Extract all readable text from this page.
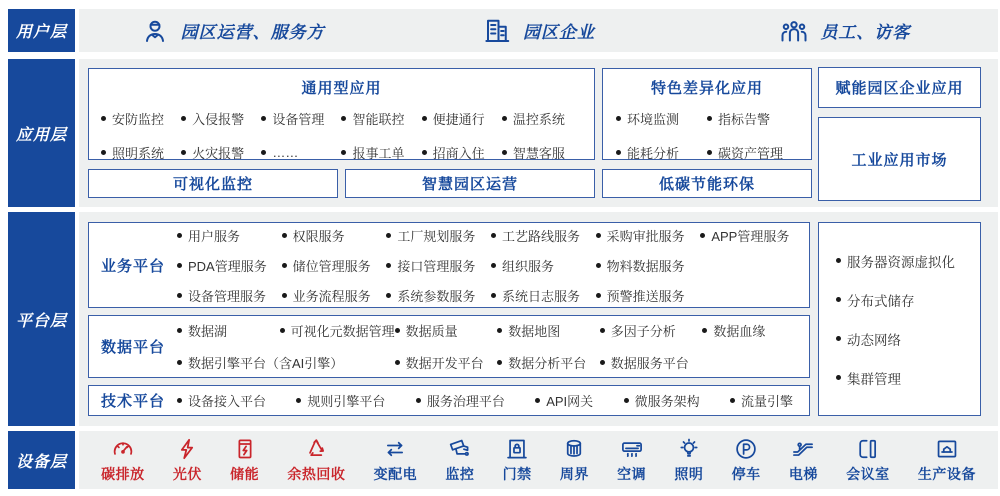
用户层	园区运营、服务方	园区企业	员工、访客
应用层
通用型应用
安防监控 入侵报警 设备管理 智能联控 便捷通行 温控系统
照明系统 火灾报警 ……	报事工单 招商入住 智慧客服
特色差异化应用
环境监测	指标告警
能耗分析	碳资产管理
可视化监控	智慧园区运营	低碳节能环保
赋能园区企业应用
工业应用市场
平台层
业务平台
用户服务	权限服务	工厂规划服务 工艺路线服务 采购审批服务 APP管理服务
PDA管理服务 储位管理服务 接口管理服务 组织服务	物料数据服务
设备管理服务 业务流程服务 系统参数服务 系统日志服务 预警推送服务
数据平台
数据湖	可视化元数据管理 数据质量	数据地图	多因子分析	数据血缘
数据引擎平台（含AI引擎）	数据开发平台 数据分析平台 数据服务平台
技术平台	设备接入平台	规则引擎平台	服务治理平台	API网关	微服务架构	流量引擎
服务器资源虚拟化
分布式储存
动态网络
集群管理
设备层
碳排放 光伏 储能 余热回收 变配电 监控 门禁 周界 空调 照明 停车 电梯 会议室 生产设备
